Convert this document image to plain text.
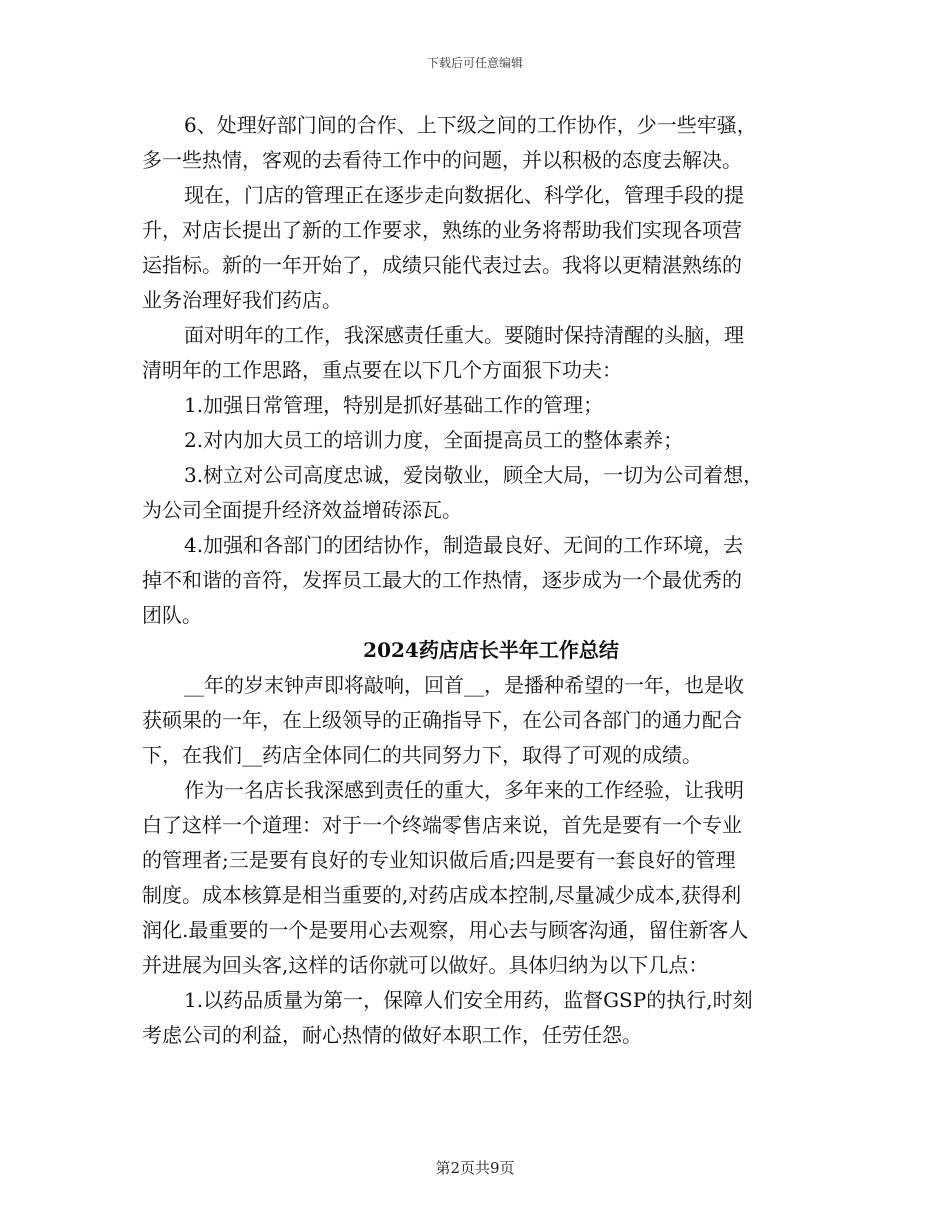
下载后可任意编辑
6、处理好部门间的合作、上下级之间的工作协作，少一些牢骚，
多一些热情，客观的去看待工作中的问题，并以积极的态度去解决。
现在，门店的管理正在逐步走向数据化、科学化，管理手段的提
升，对店长提出了新的工作要求，熟练的业务将帮助我们实现各项营
运指标。新的一年开始了，成绩只能代表过去。我将以更精湛熟练的
业务治理好我们药店。
面对明年的工作，我深感责任重大。要随时保持清醒的头脑，理
清明年的工作思路，重点要在以下几个方面狠下功夫：
1.加强日常管理，特别是抓好基础工作的管理；
2.对内加大员工的培训力度，全面提高员工的整体素养；
3.树立对公司高度忠诚，爱岗敬业，顾全大局，一切为公司着想，
为公司全面提升经济效益增砖添瓦。
4.加强和各部门的团结协作，制造最良好、无间的工作环境，去
掉不和谐的音符，发挥员工最大的工作热情，逐步成为一个最优秀的
团队。
2024药店店长半年工作总结
__年的岁末钟声即将敲响，回首__，是播种希望的一年，也是收
获硕果的一年，在上级领导的正确指导下，在公司各部门的通力配合
下，在我们__药店全体同仁的共同努力下，取得了可观的成绩。
作为一名店长我深感到责任的重大，多年来的工作经验，让我明
白了这样一个道理：对于一个终端零售店来说，首先是要有一个专业
的管理者;三是要有良好的专业知识做后盾;四是要有一套良好的管理
制度。成本核算是相当重要的,对药店成本控制,尽量减少成本,获得利
润化.最重要的一个是要用心去观察，用心去与顾客沟通，留住新客人
并进展为回头客,这样的话你就可以做好。具体归纳为以下几点：
1.以药品质量为第一，保障人们安全用药，监督GSP的执行,时刻
考虑公司的利益，耐心热情的做好本职工作，任劳任怨。
第2页共9页
